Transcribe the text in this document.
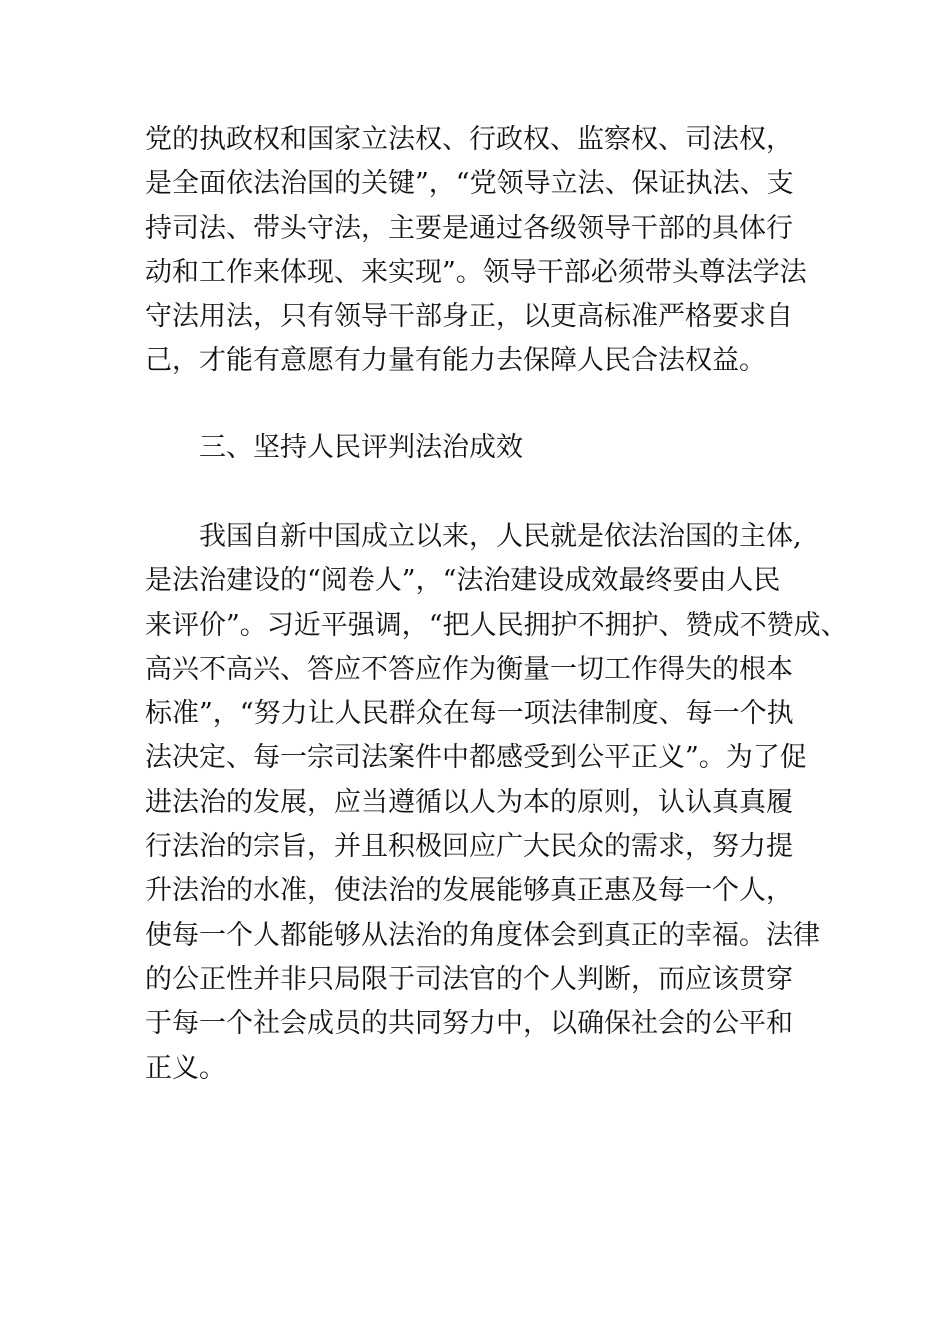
党的执政权和国家立法权、行政权、监察权、司法权，
是全面依法治国的关键”，“党领导立法、保证执法、支
持司法、带头守法，主要是通过各级领导干部的具体行
动和工作来体现、来实现”。领导干部必须带头尊法学法
守法用法，只有领导干部身正，以更高标准严格要求自
己，才能有意愿有力量有能力去保障人民合法权益。
三、坚持人民评判法治成效
我国自新中国成立以来，人民就是依法治国的主体,
是法治建设的“阅卷人”，“法治建设成效最终要由人民
来评价”。习近平强调，“把人民拥护不拥护、赞成不赞成、
高兴不高兴、答应不答应作为衡量一切工作得失的根本
标准”，“努力让人民群众在每一项法律制度、每一个执
法决定、每一宗司法案件中都感受到公平正义”。为了促
进法治的发展，应当遵循以人为本的原则，认认真真履
行法治的宗旨，并且积极回应广大民众的需求，努力提
升法治的水准，使法治的发展能够真正惠及每一个人，
使每一个人都能够从法治的角度体会到真正的幸福。法律
的公正性并非只局限于司法官的个人判断，而应该贯穿
于每一个社会成员的共同努力中，以确保社会的公平和
正义。
